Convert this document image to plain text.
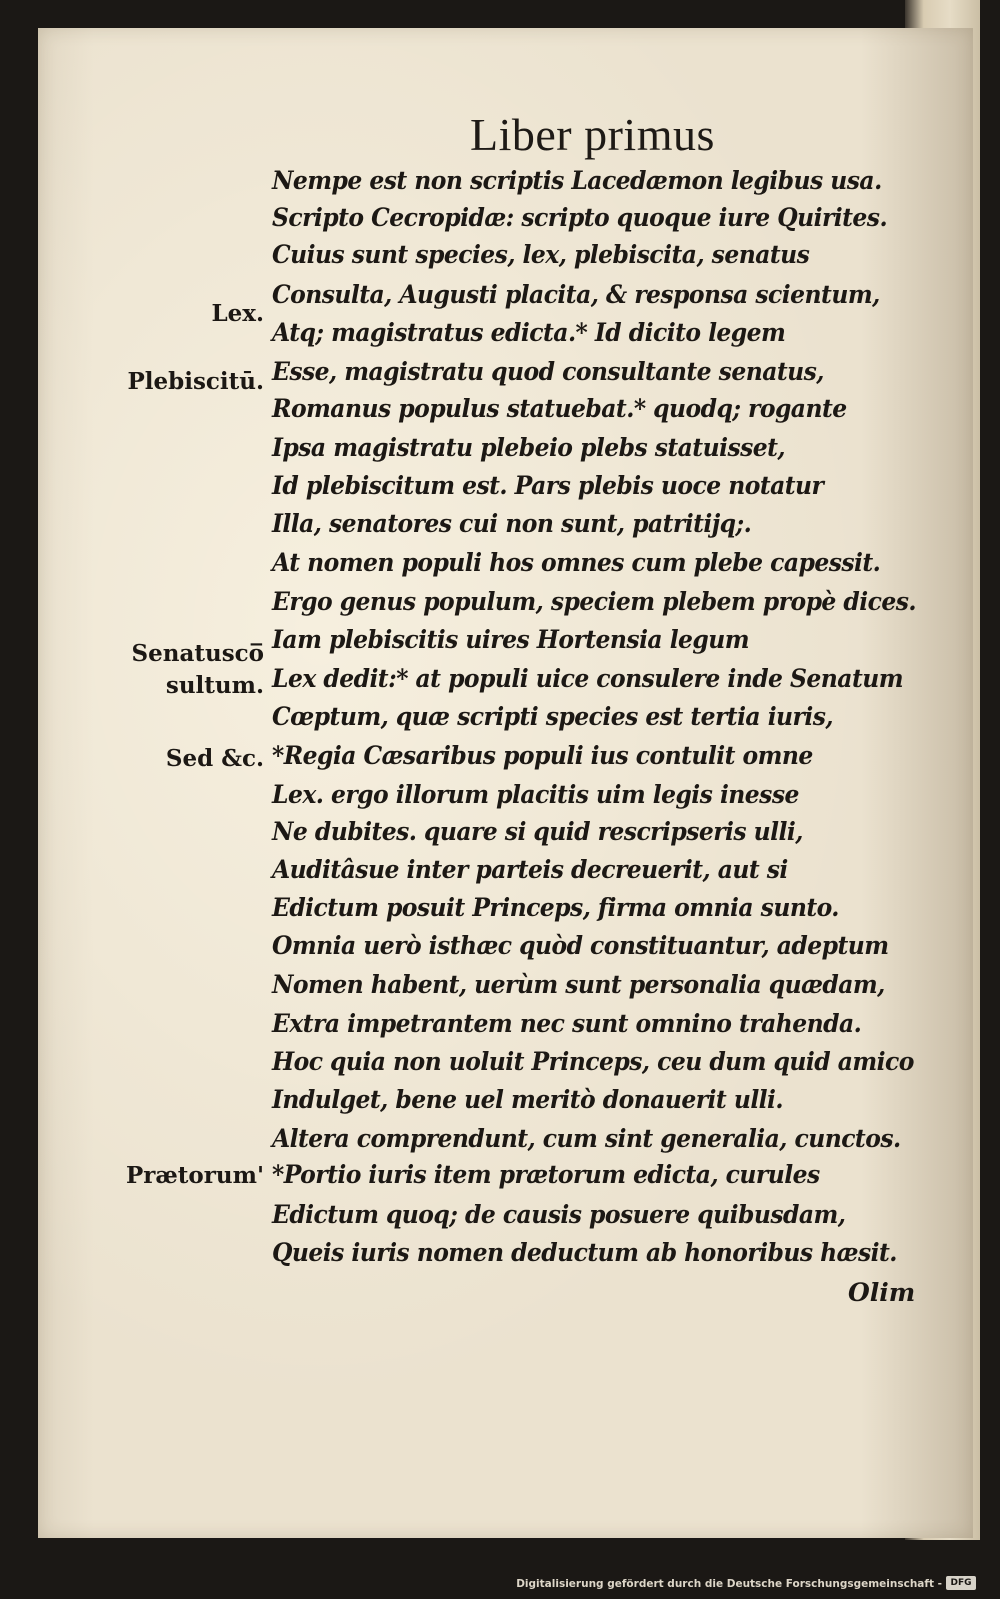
Liber primus
Nempe est non scriptis Lacedæmon legibus usa.
Scripto Cecropidæ: scripto quoque iure Quirites.
Cuius sunt species, lex, plebiscita, senatus
Consulta, Augusti placita, & responsa scientum,
Atq; magistratus edicta.* Id dicito legem
Esse, magistratu quod consultante senatus,
Romanus populus statuebat.* quodq; rogante
Ipsa magistratu plebeio plebs statuisset,
Id plebiscitum est. Pars plebis uoce notatur
Illa, senatores cui non sunt, patritijq;.
At nomen populi hos omnes cum plebe capessit.
Ergo genus populum, speciem plebem propè dices.
Iam plebiscitis uires Hortensia legum
Lex dedit:* at populi uice consulere inde Senatum
Cœptum, quæ scripti species est tertia iuris,
*Regia Cæsaribus populi ius contulit omne
Lex. ergo illorum placitis uim legis inesse
Ne dubites. quare si quid rescripseris ulli,
Auditâsue inter parteis decreuerit, aut si
Edictum posuit Princeps, firma omnia sunto.
Omnia uerò isthæc quòd constituantur, adeptum
Nomen habent, uerùm sunt personalia quædam,
Extra impetrantem nec sunt omnino trahenda.
Hoc quia non uoluit Princeps, ceu dum quid amico
Indulget, bene uel meritò donauerit ulli.
Altera comprendunt, cum sint generalia, cunctos.
*Portio iuris item prætorum edicta, curules
Edictum quoq; de causis posuere quibusdam,
Queis iuris nomen deductum ab honoribus hæsit.
Lex.
Plebiscitū.
Senatusco̅
sultum.
Sed &c.
Prætorum'
Olim
Digitalisierung gefördert durch die Deutsche Forschungsgemeinschaft - DFG
